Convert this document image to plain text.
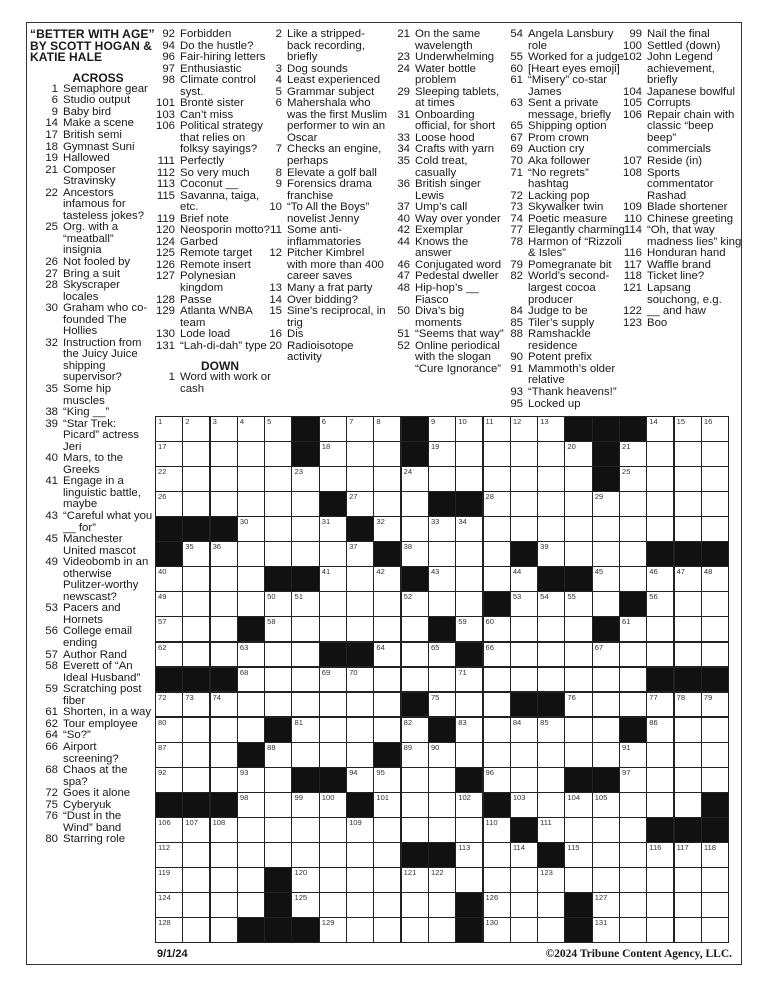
“BETTER WITH AGE” BY SCOTT HOGAN & KATIE HALE
ACROSS
1 Semaphore gear
6 Studio output
9 Baby bird
14 Make a scene
17 British semi
18 Gymnast Suni
19 Hallowed
21 Composer Stravinsky
22 Ancestors infamous for tasteless jokes?
25 Org. with a “meatball” insignia
26 Not fooled by
27 Bring a suit
28 Skyscraper locales
30 Graham who co-founded The Hollies
32 Instruction from the Juicy Juice shipping supervisor?
35 Some hip muscles
38 “King __”
39 “Star Trek: Picard” actress Jeri
40 Mars, to the Greeks
41 Engage in a linguistic battle, maybe
43 “Careful what you __ for”
45 Manchester United mascot
49 Videobomb in an otherwise Pulitzer-worthy newscast?
53 Pacers and Hornets
56 College email ending
57 Author Rand
58 Everett of “An Ideal Husband”
59 Scratching post fiber
61 Shorten, in a way
62 Tour employee
64 “So?”
66 Airport screening?
68 Chaos at the spa?
72 Goes it alone
75 Cyberyuk
76 “Dust in the Wind” band
80 Starring role
92 Forbidden
94 Do the hustle?
96 Fair-hiring letters
97 Enthusiastic
98 Climate control syst.
101 Brontë sister
103 Can’t miss
106 Political strategy that relies on folksy sayings?
111 Perfectly
112 So very much
113 Coconut __
115 Savanna, taiga, etc.
119 Brief note
120 Neosporin motto?
124 Garbed
125 Remote target
126 Remote insert
127 Polynesian kingdom
128 Passe
129 Atlanta WNBA team
130 Lode load
131 “Lah-di-dah” type
DOWN
1 Word with work or cash
2 Like a stripped-back recording, briefly
3 Dog sounds
4 Least experienced
5 Grammar subject
6 Mahershala who was the first Muslim performer to win an Oscar
7 Checks an engine, perhaps
8 Elevate a golf ball
9 Forensics drama franchise
10 “To All the Boys” novelist Jenny
11 Some anti-inflammatories
12 Pitcher Kimbrel with more than 400 career saves
13 Many a frat party
14 Over bidding?
15 Sine’s reciprocal, in trig
16 Dis
20 Radioisotope activity
21 On the same wavelength
23 Underwhelming
24 Water bottle problem
29 Sleeping tablets, at times
31 Onboarding official, for short
33 Loose hood
34 Crafts with yarn
35 Cold treat, casually
36 British singer Lewis
37 Ump’s call
40 Way over yonder
42 Exemplar
44 Knows the answer
46 Conjugated word
47 Pedestal dweller
48 Hip-hop’s __ Fiasco
50 Diva’s big moments
51 “Seems that way”
52 Online periodical with the slogan “Cure Ignorance”
54 Angela Lansbury role
55 Worked for a judge
60 [Heart eyes emoji]
61 “Misery” co-star James
63 Sent a private message, briefly
65 Shipping option
67 Prom crown
69 Auction cry
70 Aka follower
71 “No regrets” hashtag
72 Lacking pop
73 Skywalker twin
74 Poetic measure
77 Elegantly charming
78 Harmon of “Rizzoli & Isles”
79 Pomegranate bit
82 World’s second-largest cocoa producer
84 Judge to be
85 Tiler’s supply
88 Ramshackle residence
90 Potent prefix
91 Mammoth’s older relative
93 “Thank heavens!”
95 Locked up
99 Nail the final
100 Settled (down)
102 John Legend achievement, briefly
104 Japanese bowlful
105 Corrupts
106 Repair chain with classic “beep beep” commercials
107 Reside (in)
108 Sports commentator Rashad
109 Blade shortener
110 Chinese greeting
114 “Oh, that way madness lies” king
116 Honduran hand
117 Waffle brand
118 Ticket line?
121 Lapsang souchong, e.g.
122 __ and haw
123 Boo
1	2	3	4	5	6	7	8	9	10 11	12 13	14 15 16
17	18	19	20	21
22	23	24	25
26	27	28	29
30	31	32	33 34
35 36	37	38	39
40	41	42	43	44	45	46 47 48
49	50 51	52	53 54 55	56
57	58	59 60	61
62	63	64	65	66	67
68	69 70	71
72 73 74	75	76	77 78 79
80	81	82	83	84 85	86
87	88	89 90	91
92	93	94 95	96	97
98	99 100	101	102	103	104 105
106 107 108	109	110	111
112	113	114	115	116 117 118
119	120	121 122	123
124	125	126	127
128	129	130	131
9/1/24	©2024 Tribune Content Agency, LLC.
